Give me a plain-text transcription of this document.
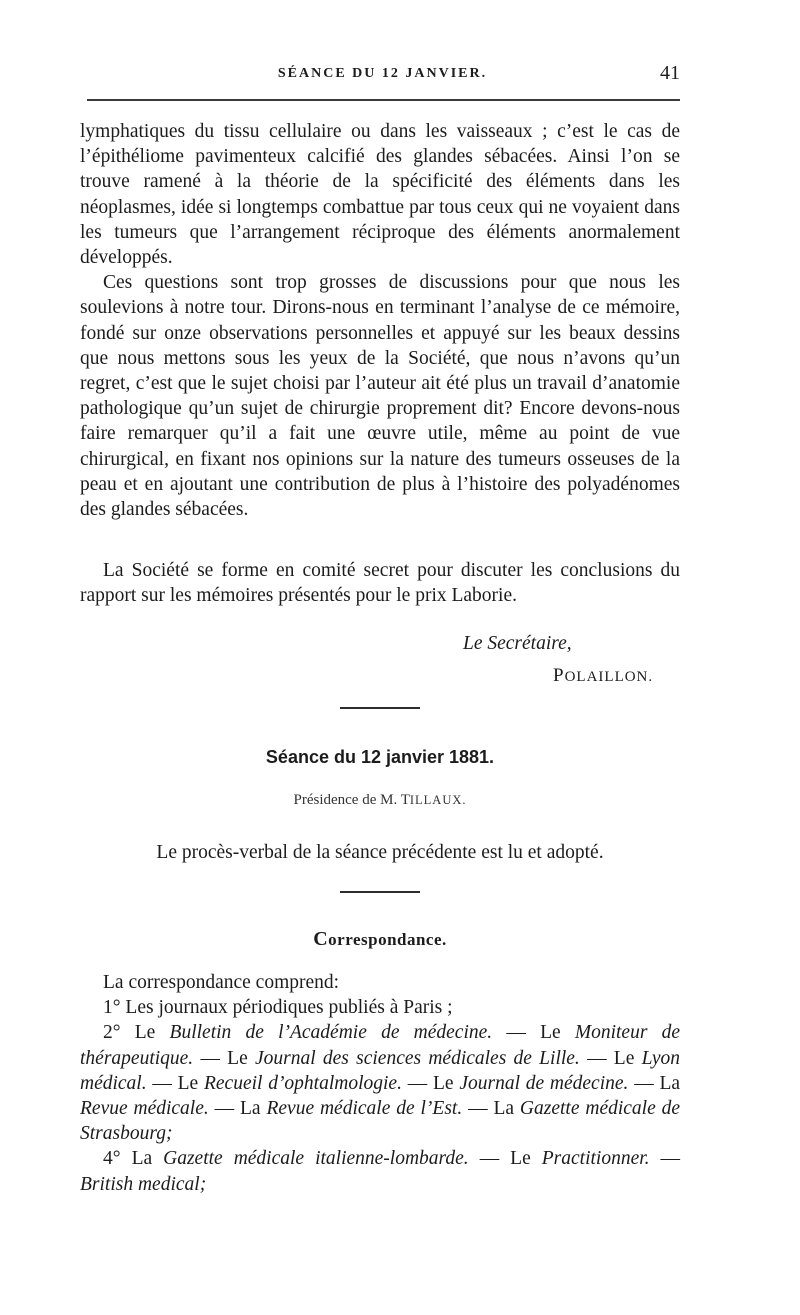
SÉANCE DU 12 JANVIER.	41

lymphatiques du tissu cellulaire ou dans les vaisseaux ; c’est le cas de l’épithéliome pavimenteux calcifié des glandes sébacées. Ainsi l’on se trouve ramené à la théorie de la spécificité des éléments dans les néoplasmes, idée si longtemps combattue par tous ceux qui ne voyaient dans les tumeurs que l’arrangement réciproque des éléments anormalement développés.

Ces questions sont trop grosses de discussions pour que nous les soulevions à notre tour. Dirons-nous en terminant l’analyse de ce mémoire, fondé sur onze observations personnelles et appuyé sur les beaux dessins que nous mettons sous les yeux de la Société, que nous n’avons qu’un regret, c’est que le sujet choisi par l’auteur ait été plus un travail d’anatomie pathologique qu’un sujet de chirurgie proprement dit? Encore devons-nous faire remarquer qu’il a fait une œuvre utile, même au point de vue chirurgical, en fixant nos opinions sur la nature des tumeurs osseuses de la peau et en ajoutant une contribution de plus à l’histoire des polyadénomes des glandes sébacées.

La Société se forme en comité secret pour discuter les conclusions du rapport sur les mémoires présentés pour le prix Laborie.

Le Secrétaire,
POLAILLON.
Séance du 12 janvier 1881.
Présidence de M. TILLAUX.
Le procès-verbal de la séance précédente est lu et adopté.
Correspondance.

La correspondance comprend:

1° Les journaux périodiques publiés à Paris ;

2° Le Bulletin de l’Académie de médecine. — Le Moniteur de thérapeutique. — Le Journal des sciences médicales de Lille. — Le Lyon médical. — Le Recueil d’ophtalmologie. — Le Journal de médecine. — La Revue médicale. — La Revue médicale de l’Est. — La Gazette médicale de Strasbourg;

4° La Gazette médicale italienne-lombarde. — Le Practitionner. — British medical;
